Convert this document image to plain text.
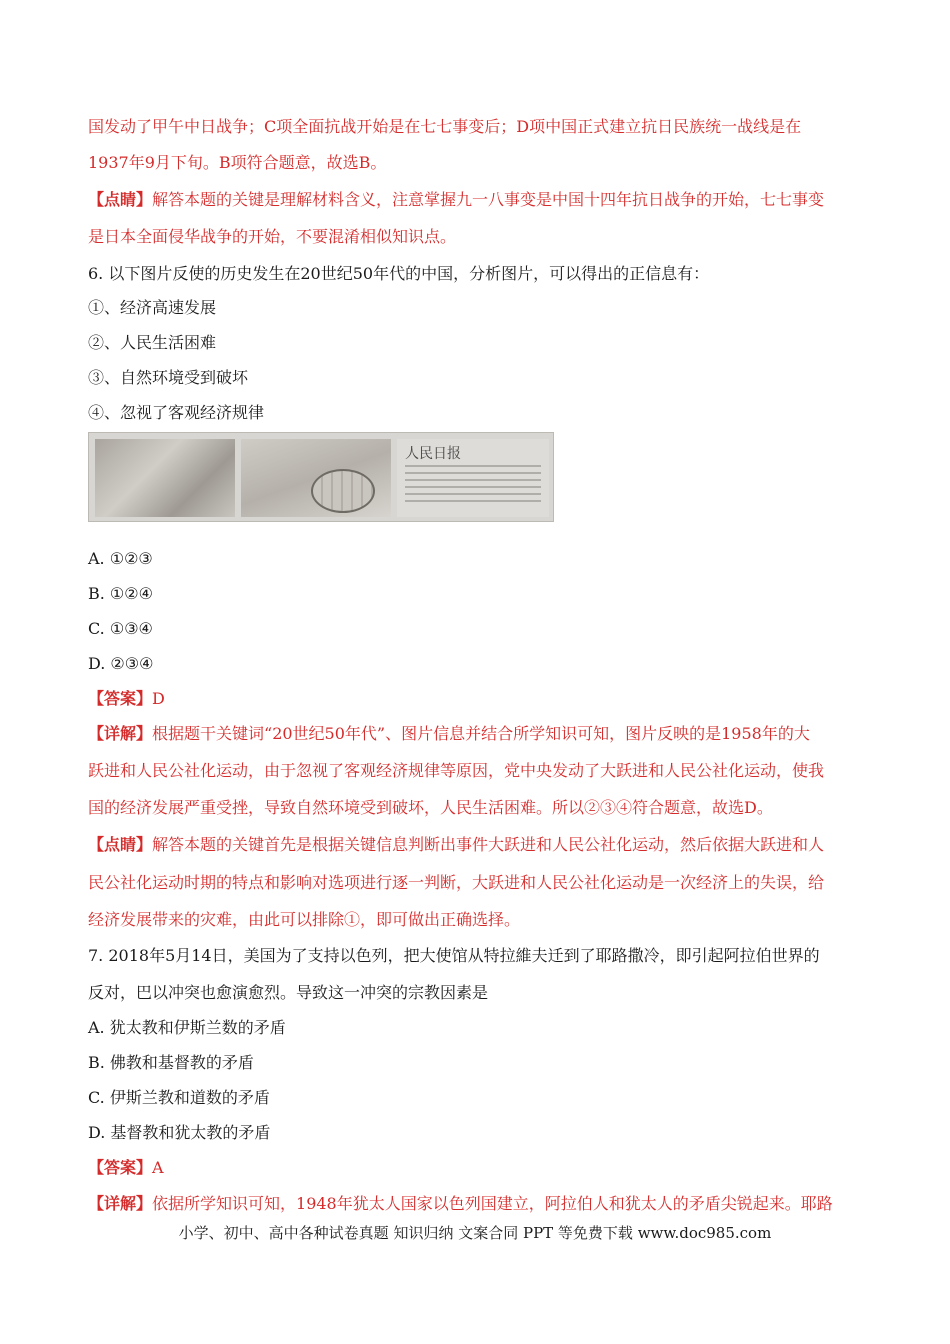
国发动了甲午中日战争；C项全面抗战开始是在七七事变后；D项中国正式建立抗日民族统一战线是在
1937年9月下旬。B项符合题意，故选B。
【点睛】解答本题的关键是理解材料含义，注意掌握九一八事变是中国十四年抗日战争的开始，七七事变
是日本全面侵华战争的开始，不要混淆相似知识点。
6. 以下图片反使的历史发生在20世纪50年代的中国，分析图片，可以得出的正信息有：
①、经济高速发展
②、人民生活困难
③、自然环境受到破坏
④、忽视了客观经济规律
A. ①②③
B. ①②④
C. ①③④
D. ②③④
【答案】D
【详解】根据题干关键词“20世纪50年代”、图片信息并结合所学知识可知，图片反映的是1958年的大
跃进和人民公社化运动，由于忽视了客观经济规律等原因，党中央发动了大跃进和人民公社化运动，使我
国的经济发展严重受挫，导致自然环境受到破坏，人民生活困难。所以②③④符合题意，故选D。
【点睛】解答本题的关键首先是根据关键信息判断出事件大跃进和人民公社化运动，然后依据大跃进和人
民公社化运动时期的特点和影响对选项进行逐一判断，大跃进和人民公社化运动是一次经济上的失误，给
经济发展带来的灾难，由此可以排除①，即可做出正确选择。
7. 2018年5月14日，美国为了支持以色列，把大使馆从特拉維夫迁到了耶路撒冷，即引起阿拉伯世界的
反对，巴以冲突也愈演愈烈。导致这一冲突的宗教因素是
A. 犹太教和伊斯兰数的矛盾
B. 佛教和基督教的矛盾
C. 伊斯兰教和道数的矛盾
D. 基督教和犹太教的矛盾
【答案】A
【详解】依据所学知识可知，1948年犹太人国家以色列国建立，阿拉伯人和犹太人的矛盾尖锐起来。耶路
人民日报
小学、初中、高中各种试卷真题 知识归纳 文案合同 PPT 等免费下载 www.doc985.com
